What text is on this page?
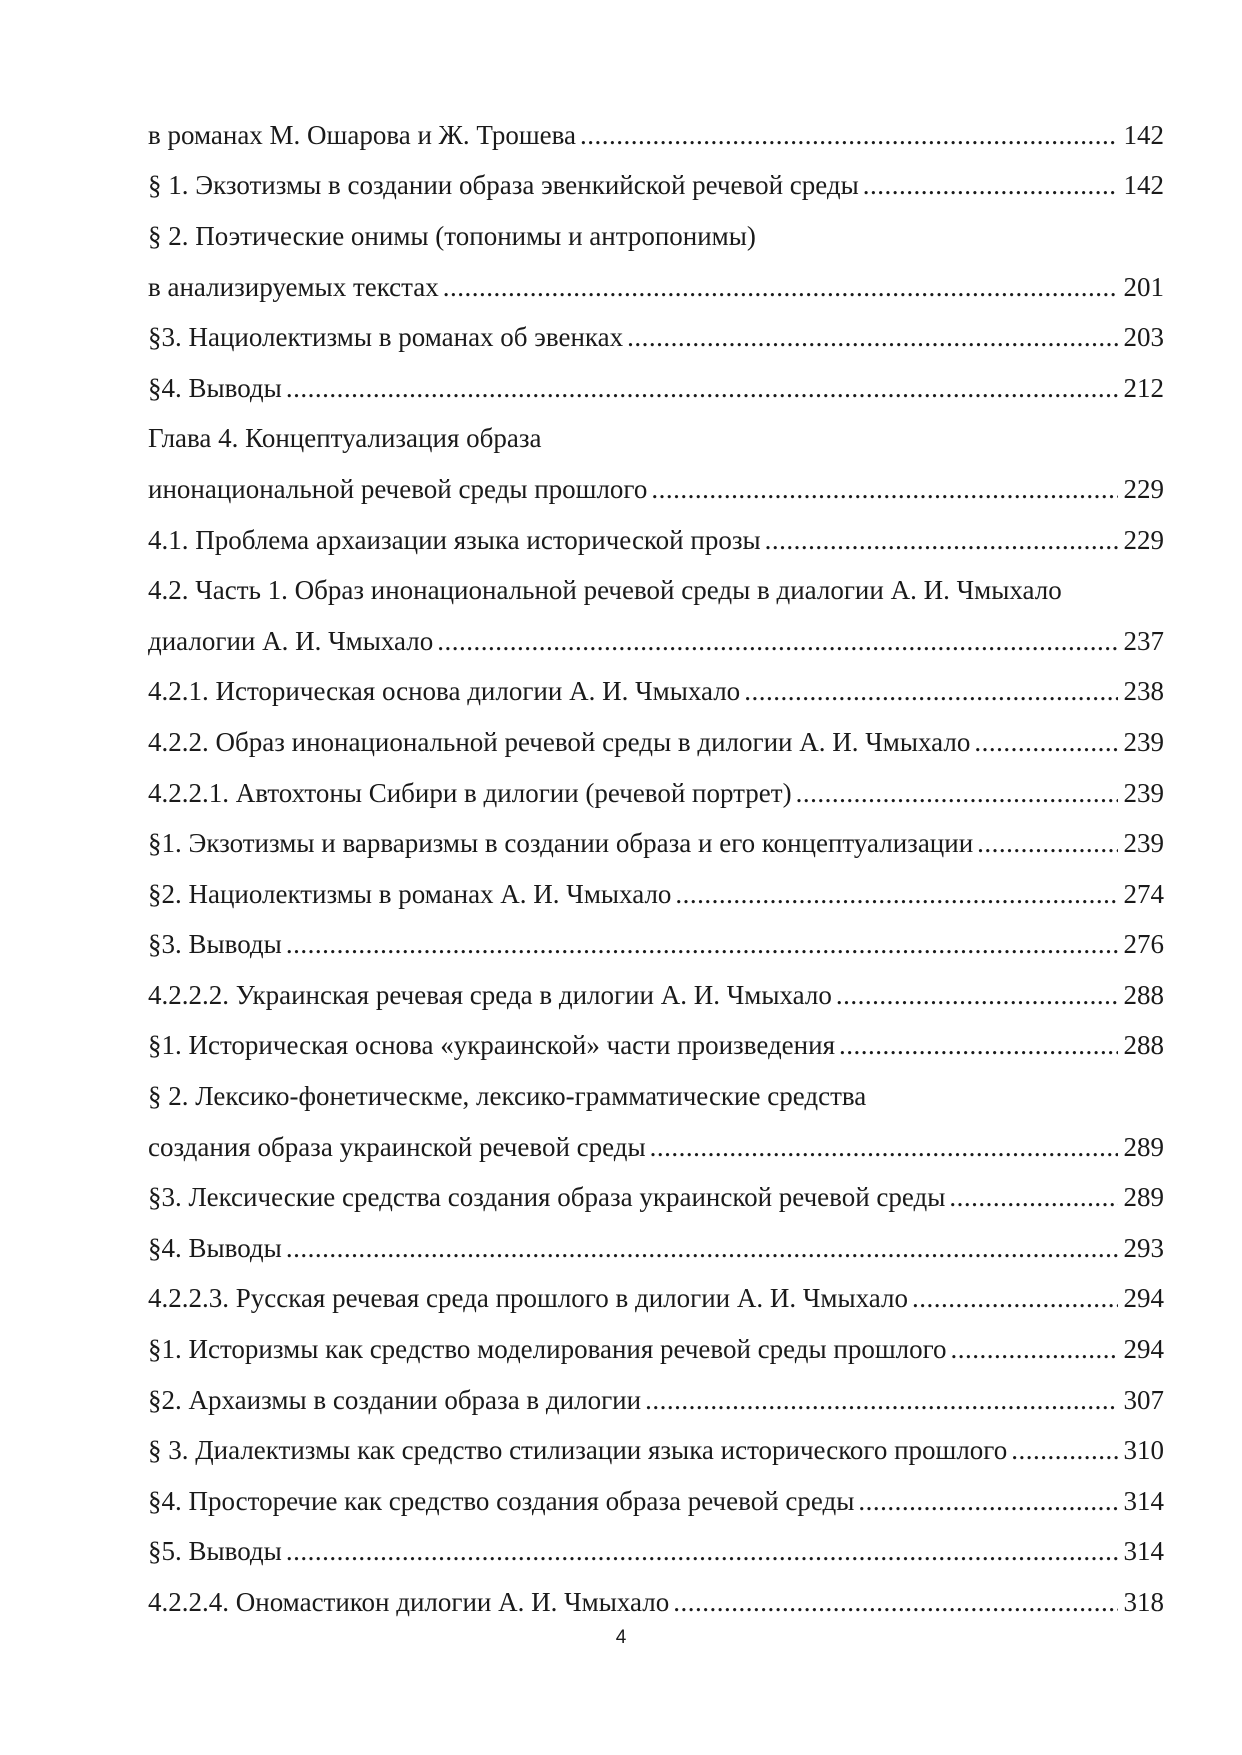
в романах М. Ошарова и Ж. Трошева .....	142
§ 1. Экзотизмы в создании образа эвенкийской речевой среды .....	142
§ 2. Поэтические онимы (топонимы и антропонимы)
в анализируемых текстах .....	201
§3. Нациолектизмы в романах об эвенках .....	203
§4. Выводы .....	212
Глава 4. Концептуализация образа
инонациональной речевой среды прошлого .....	229
4.1. Проблема архаизации языка исторической прозы .....	229
4.2. Часть 1. Образ инонациональной речевой среды в диалогии А. И. Чмыхало
диалогии А. И. Чмыхало .....	237
4.2.1. Историческая основа дилогии А. И. Чмыхало .....	238
4.2.2. Образ инонациональной речевой среды в дилогии А. И. Чмыхало .....	239
4.2.2.1. Автохтоны Сибири в дилогии (речевой портрет) .....	239
§1. Экзотизмы и варваризмы в создании образа и его концептуализации .....	239
§2. Нациолектизмы в романах А. И. Чмыхало .....	274
§3. Выводы .....	276
4.2.2.2. Украинская речевая среда в дилогии А. И. Чмыхало .....	288
§1. Историческая основа «украинской» части произведения .....	288
§ 2. Лексико-фонетическме, лексико-грамматические средства
создания образа украинской речевой среды .....	289
§3. Лексические средства создания образа украинской речевой среды .....	289
§4. Выводы .....	293
4.2.2.3. Русская речевая среда прошлого в дилогии А. И. Чмыхало .....	294
§1. Историзмы как средство моделирования речевой среды прошлого .....	294
§2. Архаизмы в создании образа в дилогии .....	307
§ 3. Диалектизмы как средство стилизации языка исторического прошлого .....	310
§4. Просторечие как средство создания образа речевой среды .....	314
§5. Выводы .....	314
4.2.2.4. Ономастикон дилогии А. И. Чмыхало .....	318
4
